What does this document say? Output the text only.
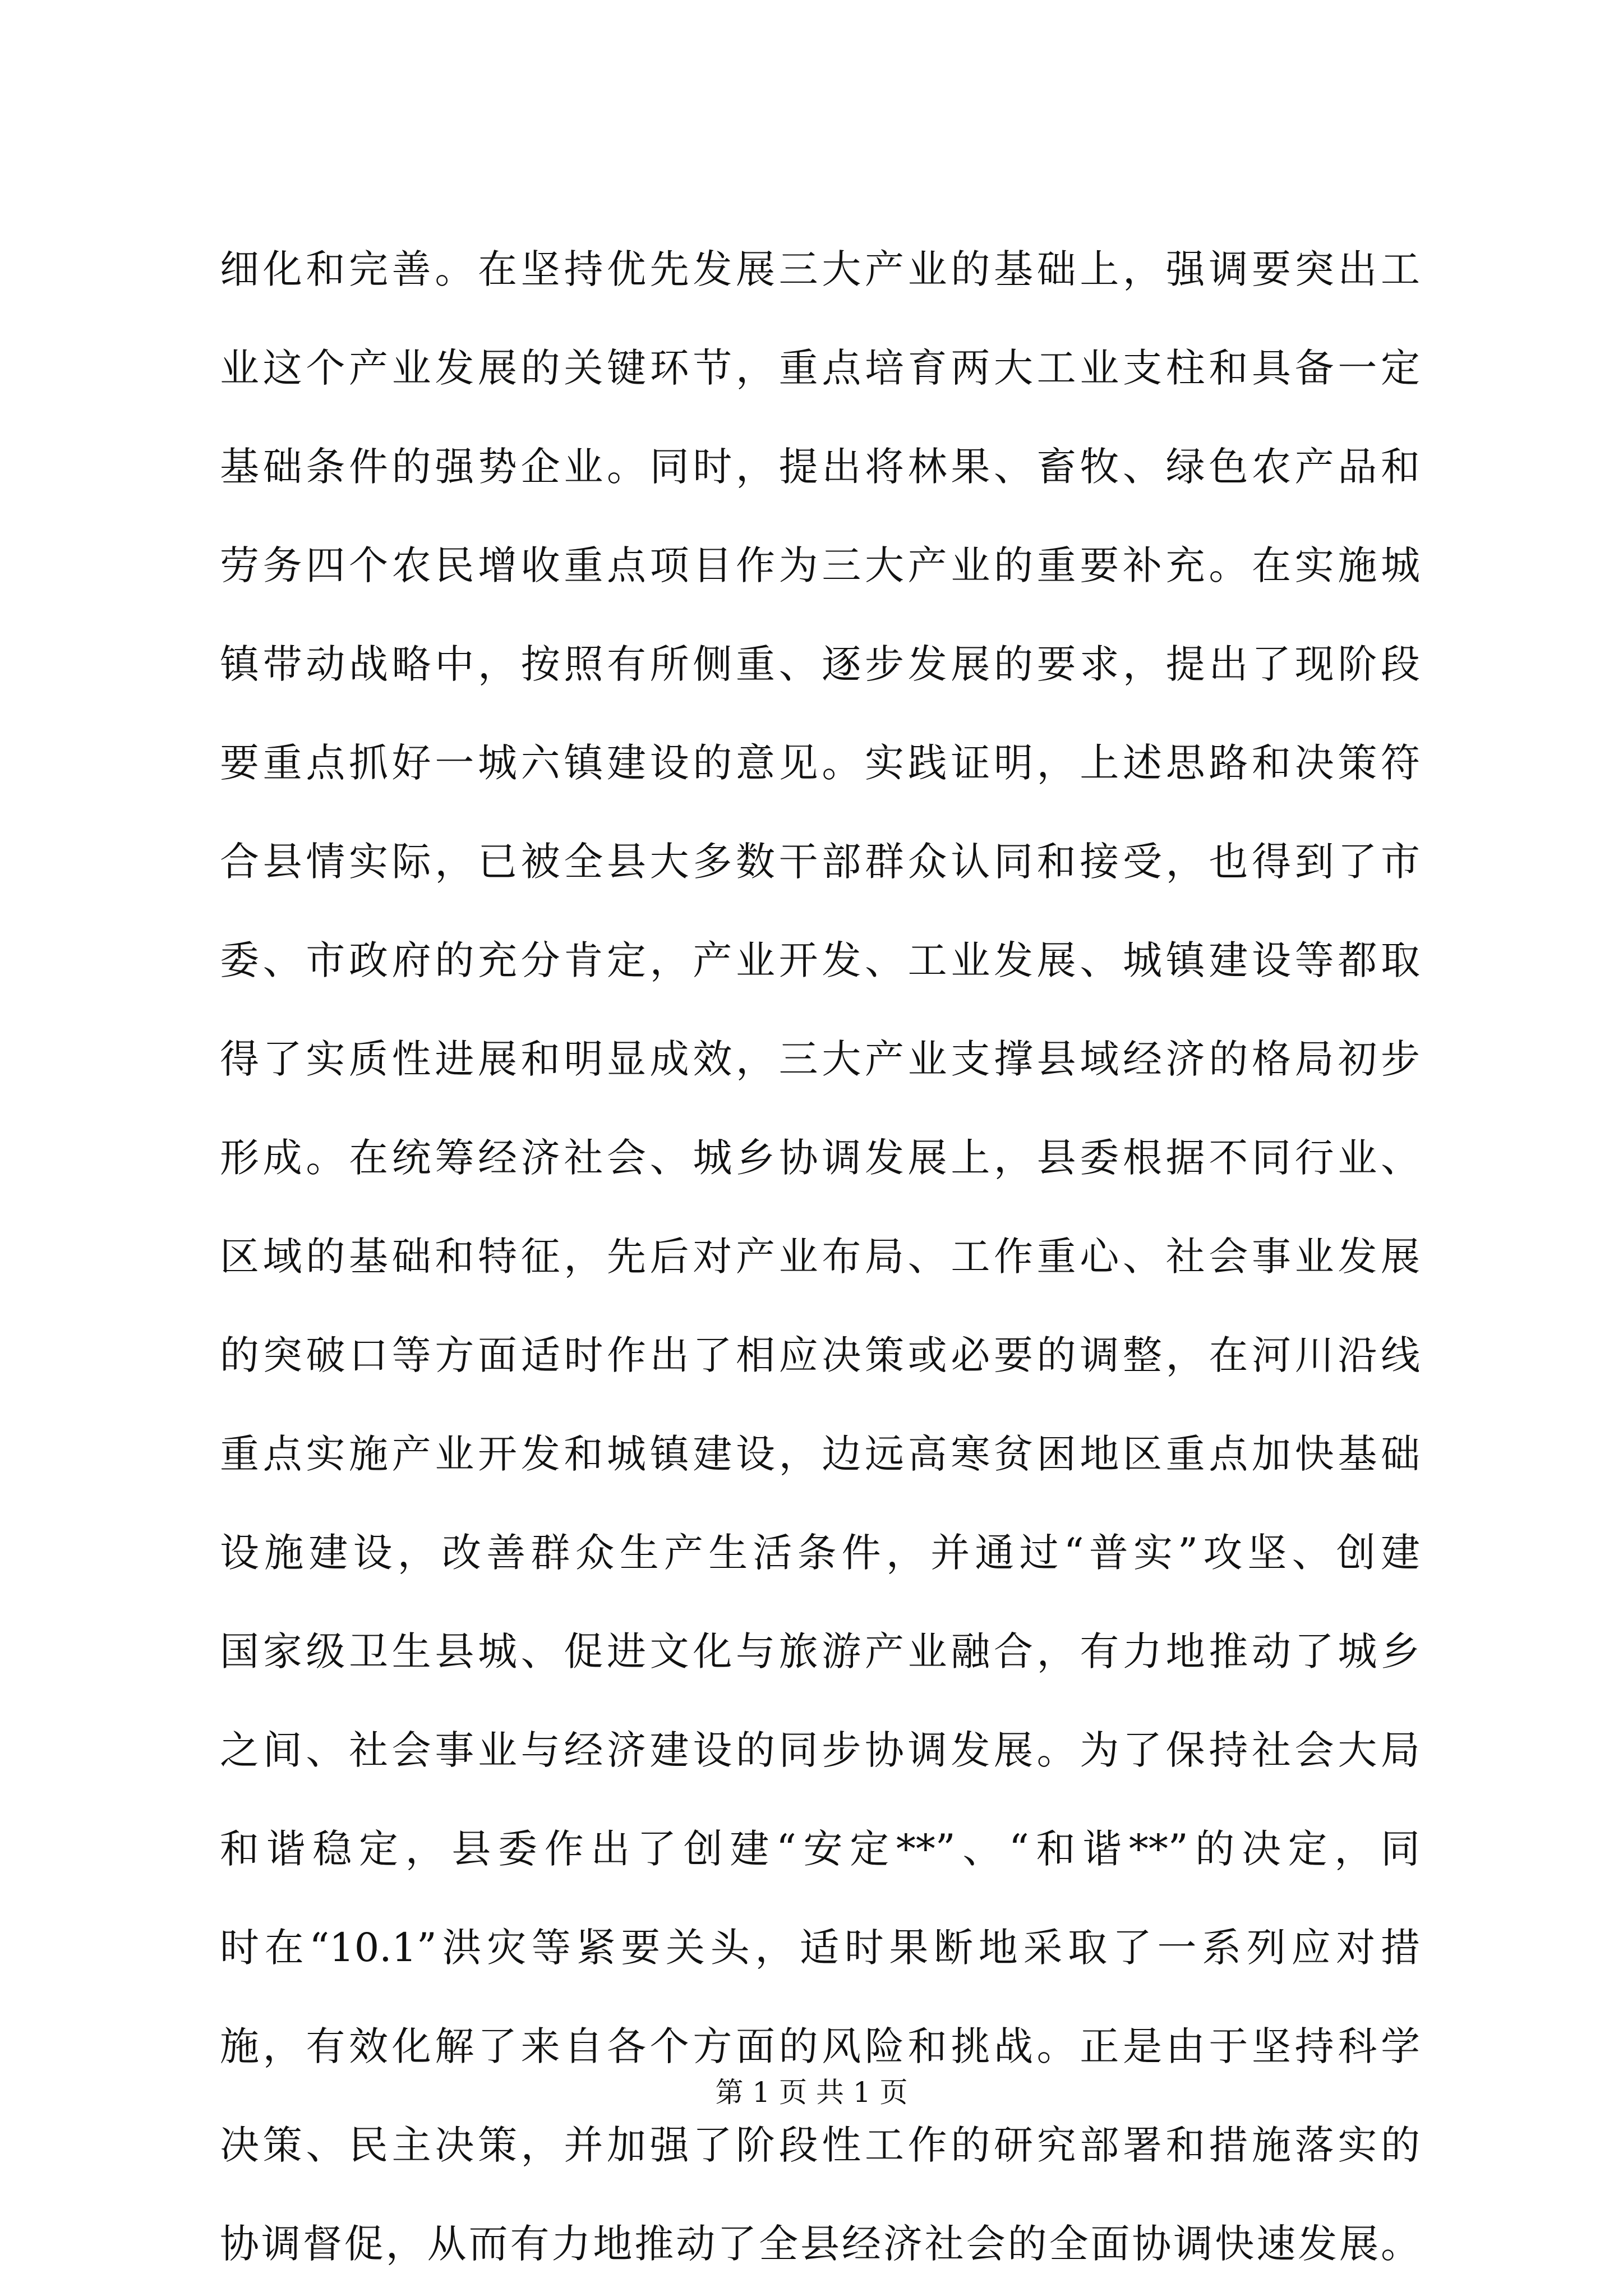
细化和完善。在坚持优先发展三大产业的基础上，强调要突出工
业这个产业发展的关键环节，重点培育两大工业支柱和具备一定
基础条件的强势企业。同时，提出将林果、畜牧、绿色农产品和
劳务四个农民增收重点项目作为三大产业的重要补充。在实施城
镇带动战略中，按照有所侧重、逐步发展的要求，提出了现阶段
要重点抓好一城六镇建设的意见。实践证明，上述思路和决策符
合县情实际，已被全县大多数干部群众认同和接受，也得到了市
委、市政府的充分肯定，产业开发、工业发展、城镇建设等都取
得了实质性进展和明显成效，三大产业支撑县域经济的格局初步
形成。在统筹经济社会、城乡协调发展上，县委根据不同行业、
区域的基础和特征，先后对产业布局、工作重心、社会事业发展
的突破口等方面适时作出了相应决策或必要的调整，在河川沿线
重点实施产业开发和城镇建设，边远高寒贫困地区重点加快基础
设施建设，改善群众生产生活条件，并通过“普实”攻坚、创建
国家级卫生县城、促进文化与旅游产业融合，有力地推动了城乡
之间、社会事业与经济建设的同步协调发展。为了保持社会大局
和谐稳定，县委作出了创建“安定**”、“和谐**”的决定，同
时在“10.1”洪灾等紧要关头，适时果断地采取了一系列应对措
施，有效化解了来自各个方面的风险和挑战。正是由于坚持科学
决策、民主决策，并加强了阶段性工作的研究部署和措施落实的
协调督促，从而有力地推动了全县经济社会的全面协调快速发展。
第 1 页 共 1 页
